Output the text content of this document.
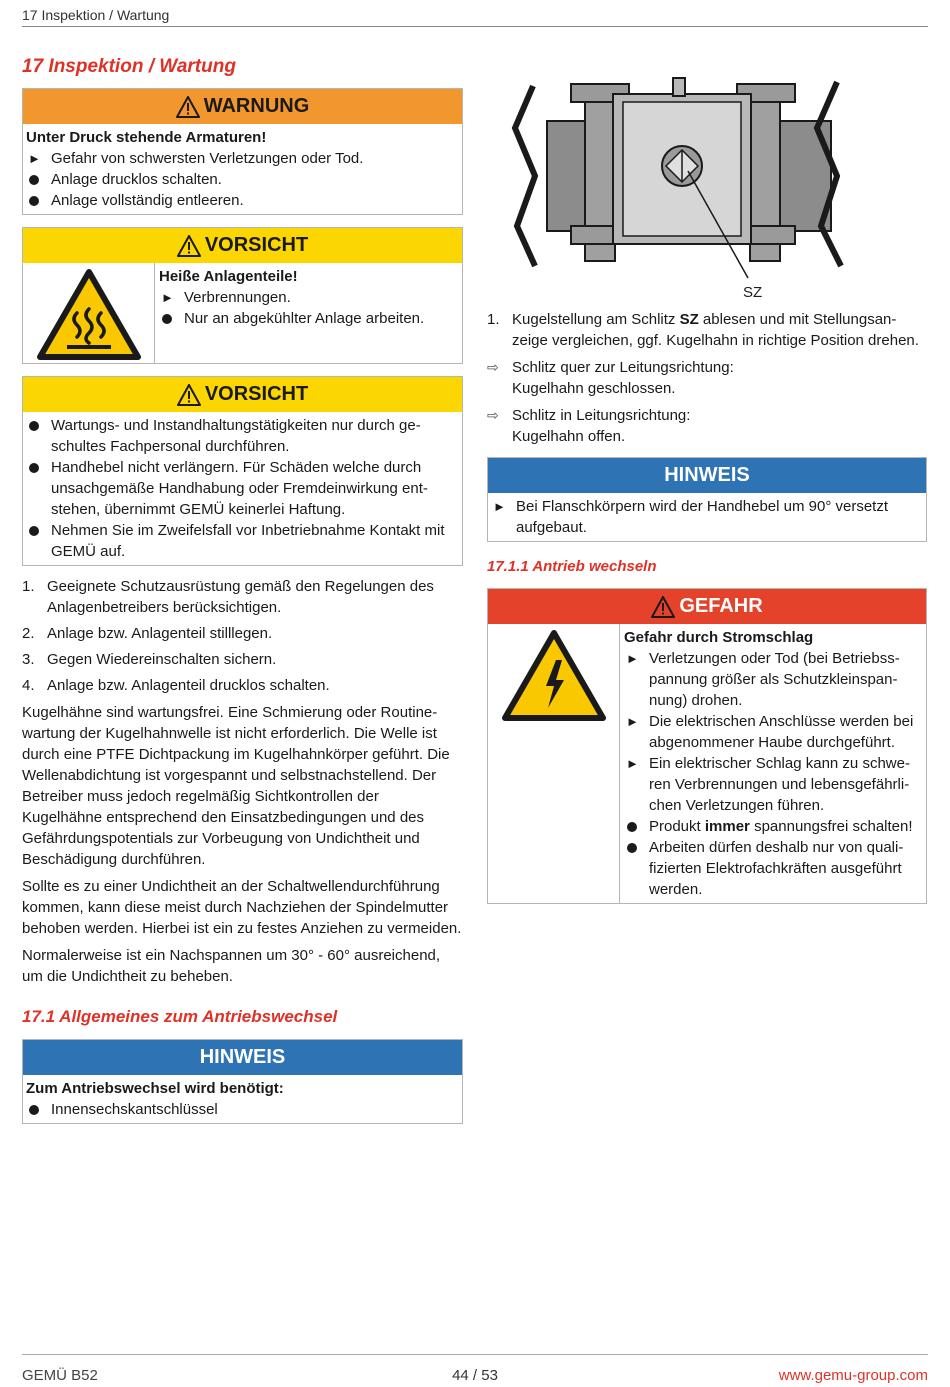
17 Inspektion / Wartung
17 Inspektion / Wartung
WARNUNG
Unter Druck stehende Armaturen!
► Gefahr von schwersten Verletzungen oder Tod.
Anlage drucklos schalten.
Anlage vollständig entleeren.
VORSICHT
Heiße Anlagenteile!
► Verbrennungen.
Nur an abgekühlter Anlage arbeiten.
VORSICHT
Wartungs- und Instandhaltungstätigkeiten nur durch geschultes Fachpersonal durchführen.
Handhebel nicht verlängern. Für Schäden welche durch unsachgemäße Handhabung oder Fremdeinwirkung entstehen, übernimmt GEMÜ keinerlei Haftung.
Nehmen Sie im Zweifelsfall vor Inbetriebnahme Kontakt mit GEMÜ auf.
1. Geeignete Schutzausrüstung gemäß den Regelungen des Anlagenbetreibers berücksichtigen.
2. Anlage bzw. Anlagenteil stilllegen.
3. Gegen Wiedereinschalten sichern.
4. Anlage bzw. Anlagenteil drucklos schalten.

Kugelhähne sind wartungsfrei. Eine Schmierung oder Routinewartung der Kugelhahnwelle ist nicht erforderlich. Die Welle ist durch eine PTFE Dichtpackung im Kugelhahnkörper geführt. Die Wellenabdichtung ist vorgespannt und selbstnachstellend. Der Betreiber muss jedoch regelmäßig Sichtkontrollen der Kugelhähne entsprechend den Einsatzbedingungen und des Gefährdungspotentials zur Vorbeugung von Undichtheit und Beschädigung durchführen.

Sollte es zu einer Undichtheit an der Schaltwellendurchführung kommen, kann diese meist durch Nachziehen der Spindelmutter behoben werden. Hierbei ist ein zu festes Anziehen zu vermeiden.

Normalerweise ist ein Nachspannen um 30° - 60° ausreichend, um die Undichtheit zu beheben.

17.1 Allgemeines zum Antriebswechsel
HINWEIS
Zum Antriebswechsel wird benötigt:
Innensechskantschlüssel
SZ
1. Kugelstellung am Schlitz SZ ablesen und mit Stellungsanzeige vergleichen, ggf. Kugelhahn in richtige Position drehen.
⇨ Schlitz quer zur Leitungsrichtung:
Kugelhahn geschlossen.
⇨ Schlitz in Leitungsrichtung:
Kugelhahn offen.
HINWEIS
► Bei Flanschkörpern wird der Handhebel um 90° versetzt aufgebaut.
17.1.1 Antrieb wechseln
GEFAHR
Gefahr durch Stromschlag
► Verletzungen oder Tod (bei Betriebsspannung größer als Schutzkleinspannung) drohen.
► Die elektrischen Anschlüsse werden bei abgenommener Haube durchgeführt.
► Ein elektrischer Schlag kann zu schweren Verbrennungen und lebensgefährlichen Verletzungen führen.
Produkt immer spannungsfrei schalten!
Arbeiten dürfen deshalb nur von qualifizierten Elektrofachkräften ausgeführt werden.
GEMÜ B52	44 / 53	www.gemu-group.com
